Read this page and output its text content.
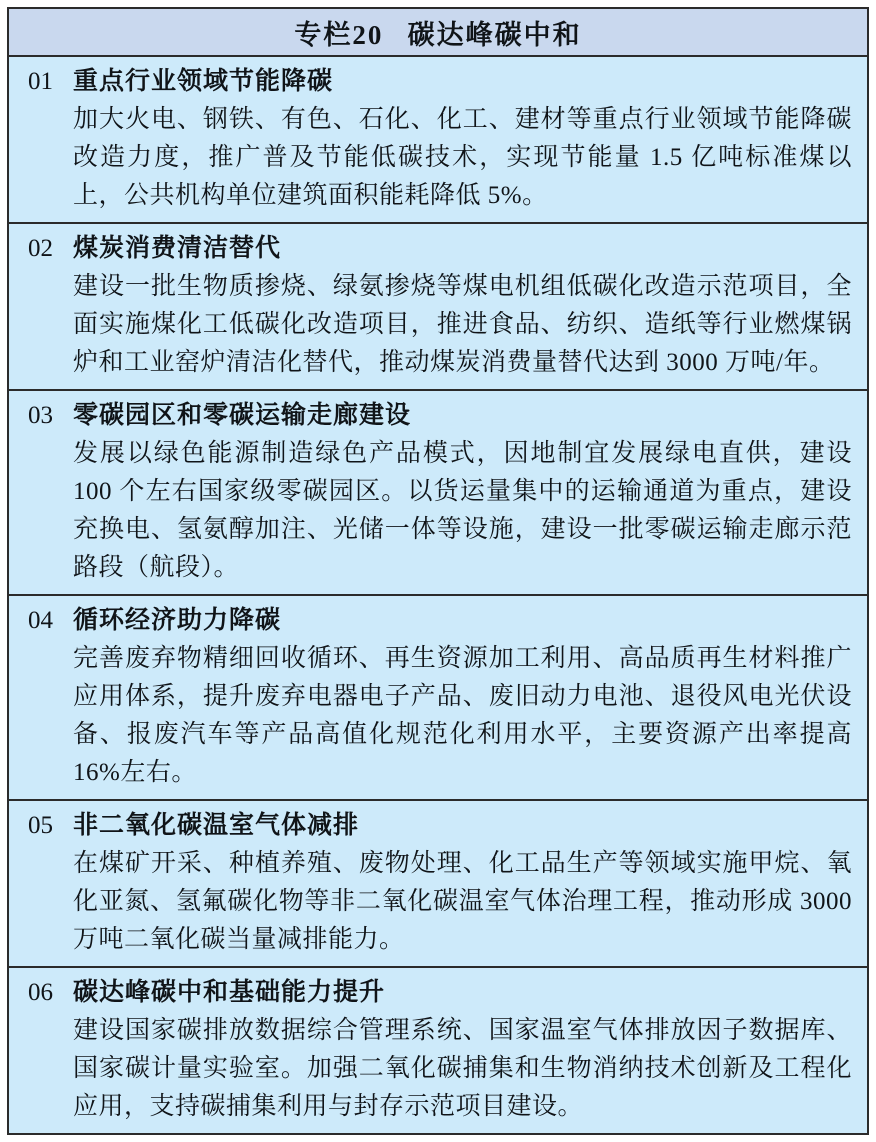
专栏20 碳达峰碳中和
01 重点行业领域节能降碳
加大火电、钢铁、有色、石化、化工、建材等重点行业领域节能降碳改造力度，推广普及节能低碳技术，实现节能量 1.5 亿吨标准煤以上，公共机构单位建筑面积能耗降低 5%。
02 煤炭消费清洁替代
建设一批生物质掺烧、绿氨掺烧等煤电机组低碳化改造示范项目，全面实施煤化工低碳化改造项目，推进食品、纺织、造纸等行业燃煤锅炉和工业窑炉清洁化替代，推动煤炭消费量替代达到 3000 万吨/年。
03 零碳园区和零碳运输走廊建设
发展以绿色能源制造绿色产品模式，因地制宜发展绿电直供，建设 100 个左右国家级零碳园区。以货运量集中的运输通道为重点，建设充换电、氢氨醇加注、光储一体等设施，建设一批零碳运输走廊示范路段（航段）。
04 循环经济助力降碳
完善废弃物精细回收循环、再生资源加工利用、高品质再生材料推广应用体系，提升废弃电器电子产品、废旧动力电池、退役风电光伏设备、报废汽车等产品高值化规范化利用水平，主要资源产出率提高 16%左右。
05 非二氧化碳温室气体减排
在煤矿开采、种植养殖、废物处理、化工品生产等领域实施甲烷、氧化亚氮、氢氟碳化物等非二氧化碳温室气体治理工程，推动形成 3000 万吨二氧化碳当量减排能力。
06 碳达峰碳中和基础能力提升
建设国家碳排放数据综合管理系统、国家温室气体排放因子数据库、国家碳计量实验室。加强二氧化碳捕集和生物消纳技术创新及工程化应用，支持碳捕集利用与封存示范项目建设。
